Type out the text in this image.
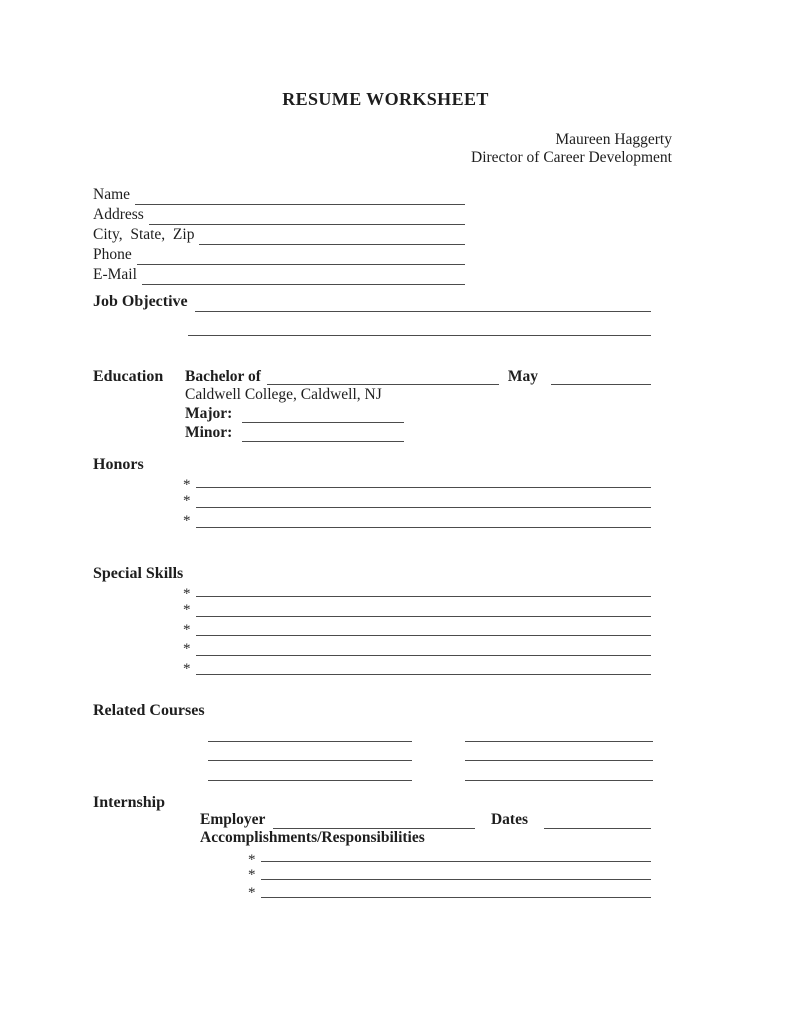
RESUME WORKSHEET
Maureen Haggerty
Director of Career Development
Name
Address
City,  State,  Zip
Phone
E-Mail
Job Objective
Education	Bachelor of	May
Caldwell College, Caldwell, NJ
Major:
Minor:
Honors
*
*
*
Special Skills
*
*
*
*
*
Related Courses
Internship
Employer	Dates
Accomplishments/Responsibilities
*
*
*
